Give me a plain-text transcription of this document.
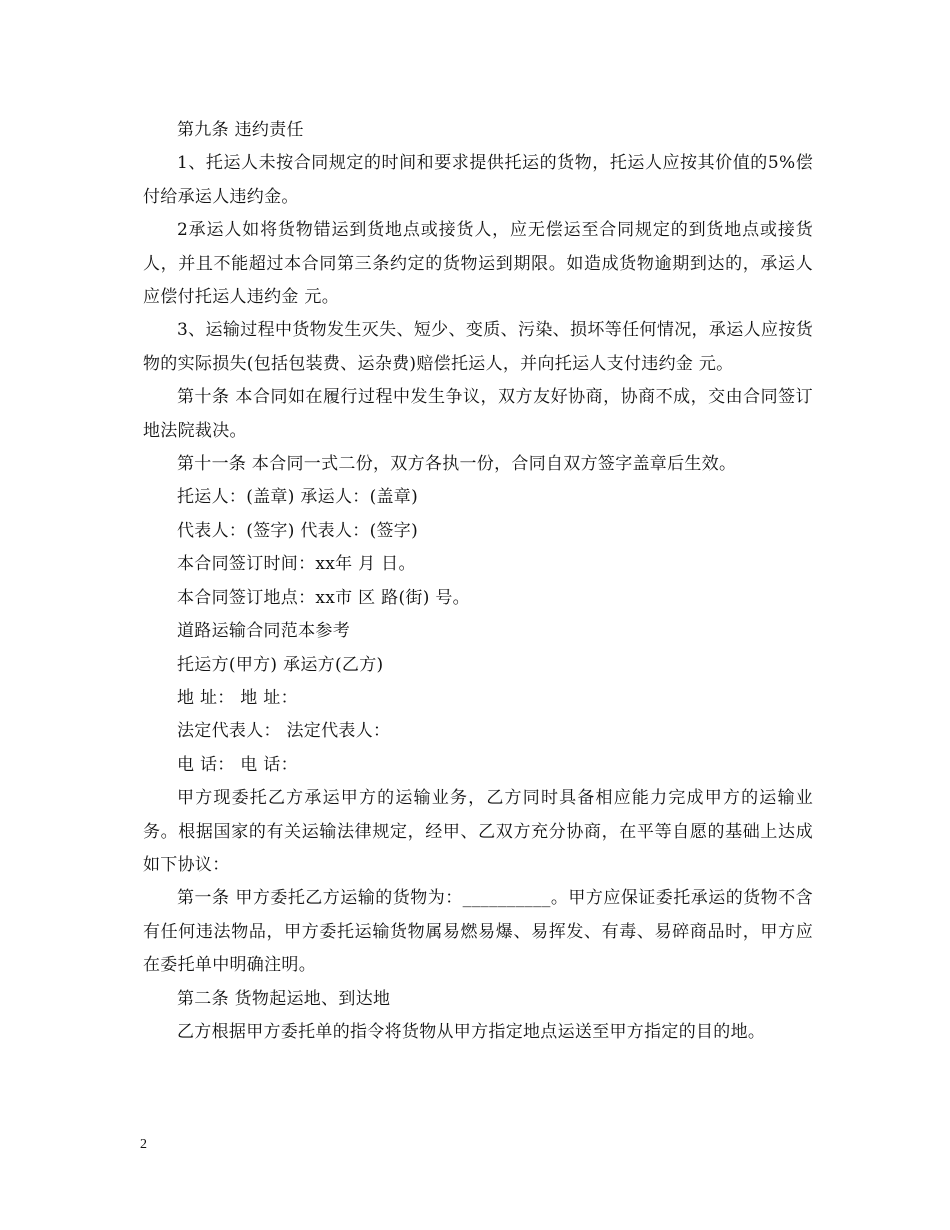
第九条 违约责任

1、托运人未按合同规定的时间和要求提供托运的货物，托运人应按其价值的5%偿付给承运人违约金。

2承运人如将货物错运到货地点或接货人，应无偿运至合同规定的到货地点或接货人，并且不能超过本合同第三条约定的货物运到期限。如造成货物逾期到达的，承运人应偿付托运人违约金 元。

3、运输过程中货物发生灭失、短少、变质、污染、损坏等任何情况，承运人应按货物的实际损失(包括包装费、运杂费)赔偿托运人，并向托运人支付违约金 元。

第十条 本合同如在履行过程中发生争议，双方友好协商，协商不成，交由合同签订地法院裁决。

第十一条 本合同一式二份，双方各执一份，合同自双方签字盖章后生效。

托运人：(盖章) 承运人：(盖章)

代表人：(签字) 代表人：(签字)

本合同签订时间：xx年 月 日。

本合同签订地点：xx市 区 路(街) 号。

道路运输合同范本参考

托运方(甲方) 承运方(乙方)

地 址： 地 址：

法定代表人： 法定代表人：

电 话： 电 话：

甲方现委托乙方承运甲方的运输业务，乙方同时具备相应能力完成甲方的运输业务。根据国家的有关运输法律规定，经甲、乙双方充分协商，在平等自愿的基础上达成如下协议：

第一条 甲方委托乙方运输的货物为：__________。甲方应保证委托承运的货物不含有任何违法物品，甲方委托运输货物属易燃易爆、易挥发、有毒、易碎商品时，甲方应在委托单中明确注明。

第二条 货物起运地、到达地

乙方根据甲方委托单的指令将货物从甲方指定地点运送至甲方指定的目的地。

2
